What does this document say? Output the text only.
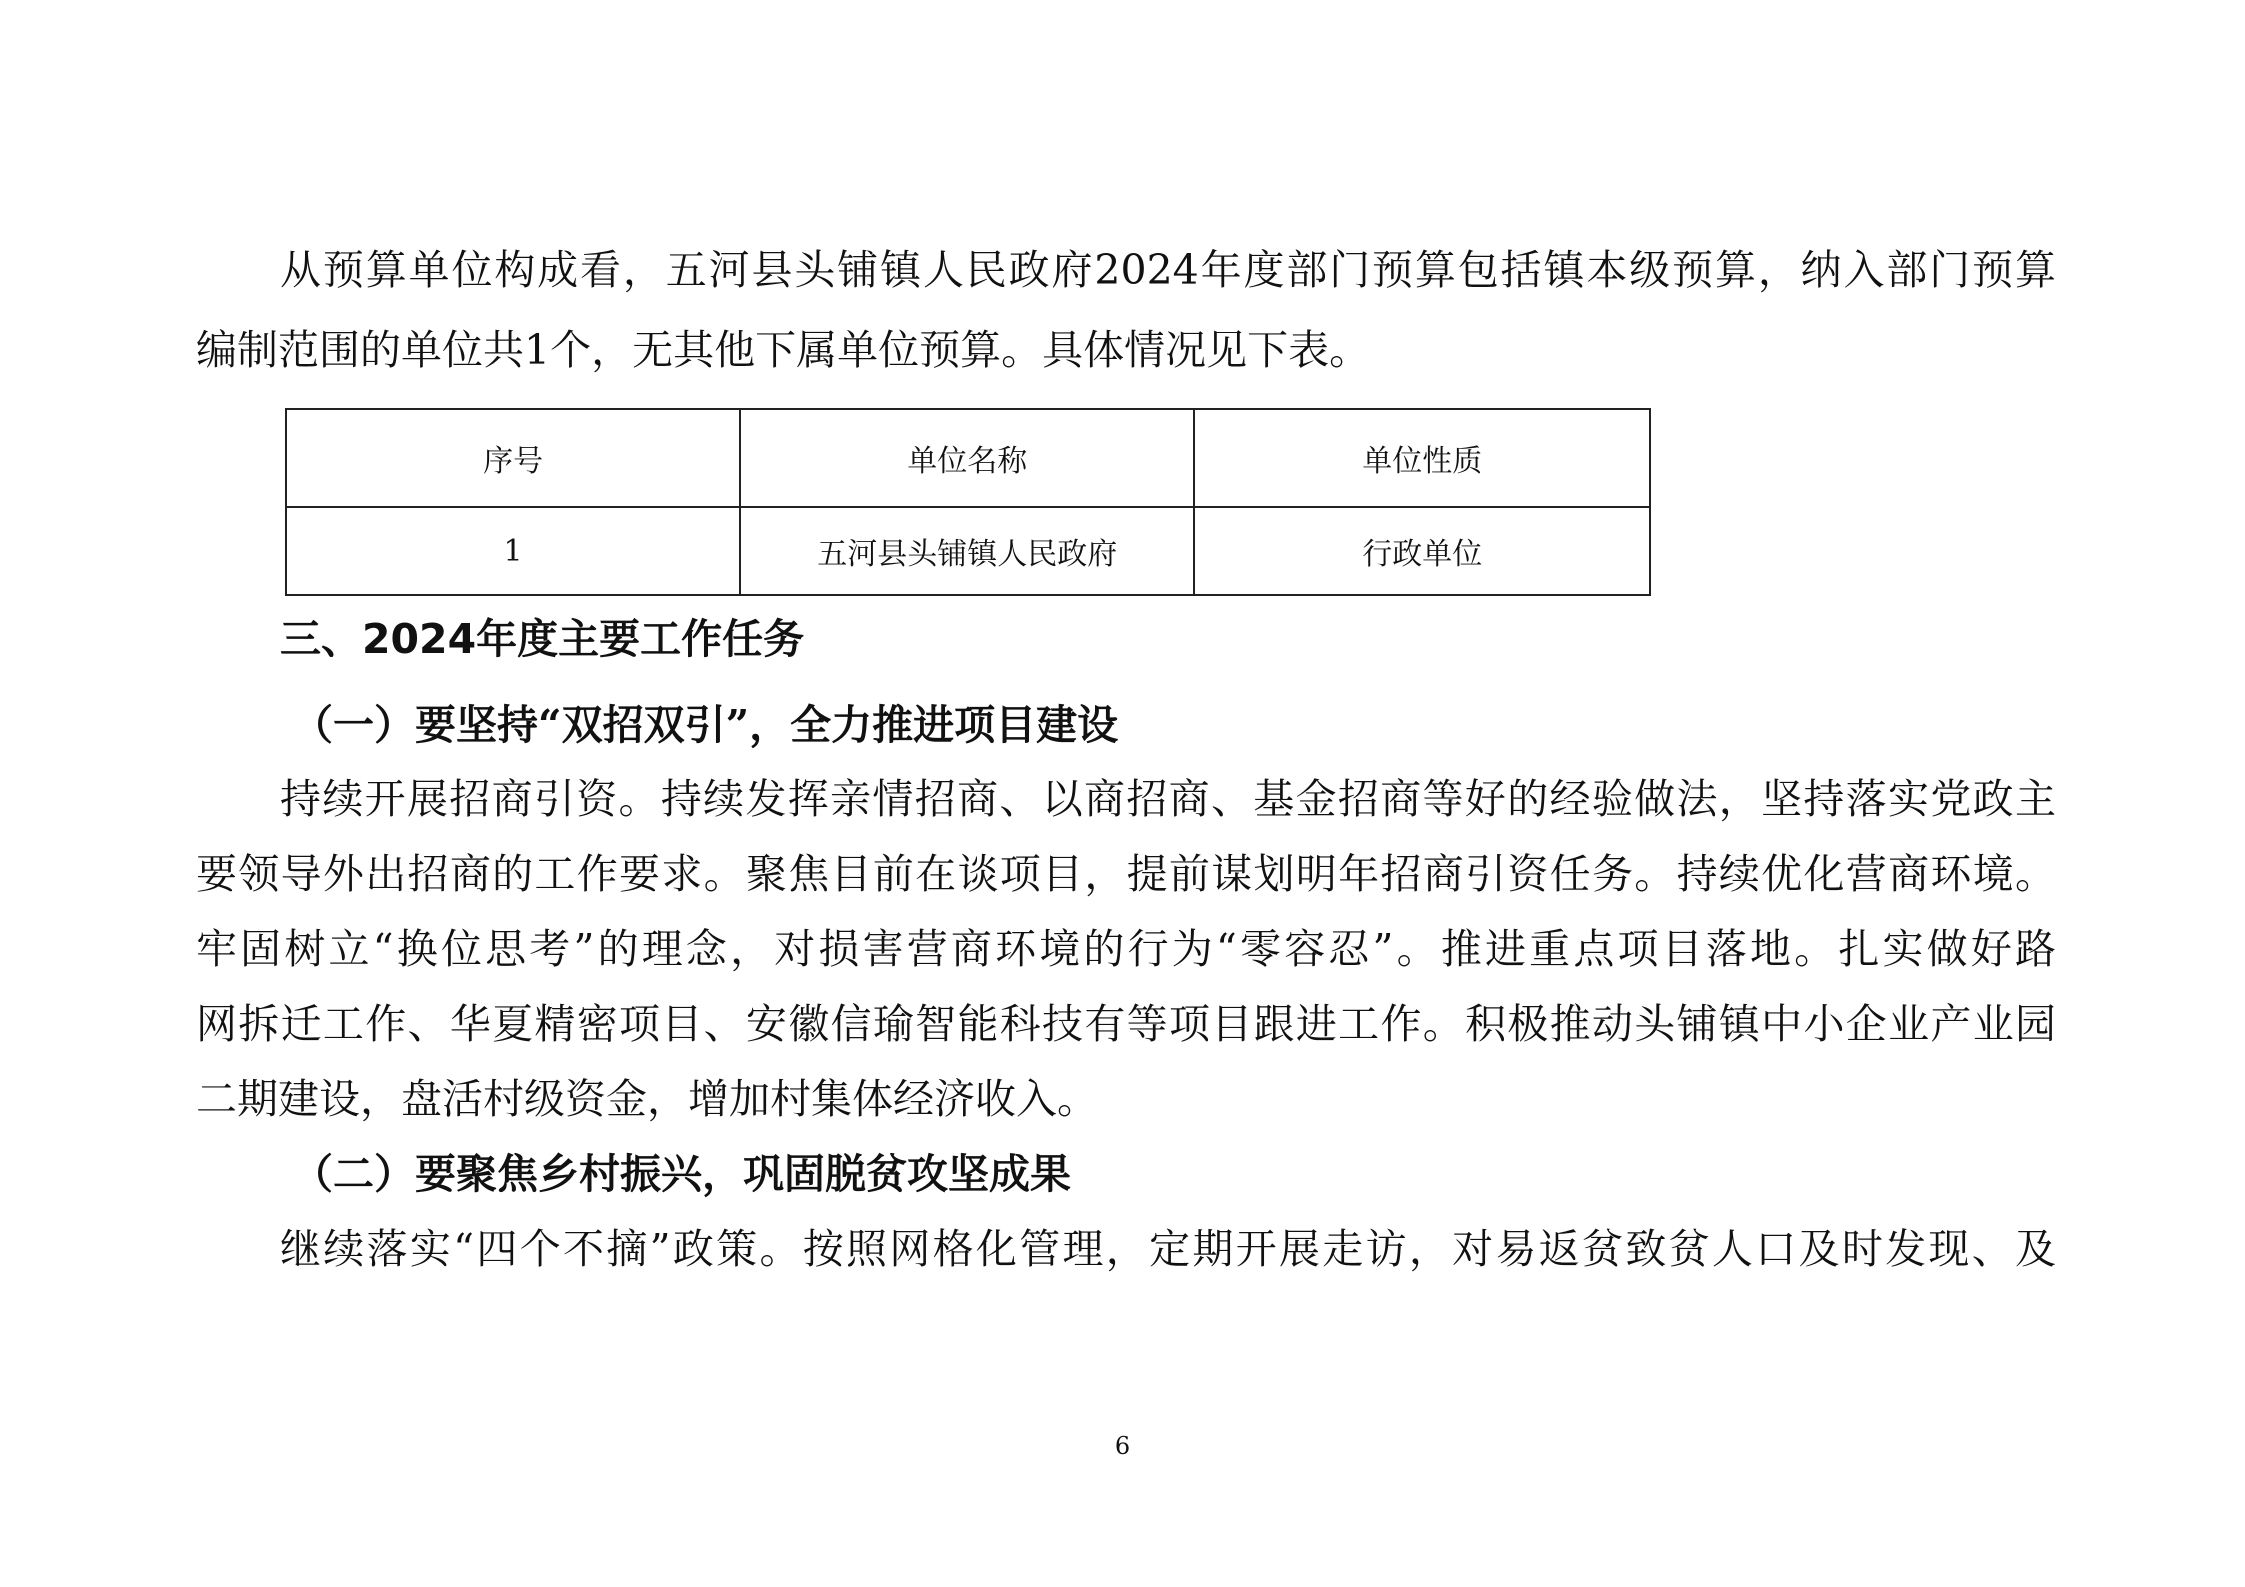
从预算单位构成看，五河县头铺镇人民政府2024年度部门预算包括镇本级预算，纳入部门预算
编制范围的单位共1个，无其他下属单位预算。具体情况见下表。
序号	单位名称	单位性质
1	五河县头铺镇人民政府	行政单位
三、2024年度主要工作任务
（一）要坚持“双招双引”，全力推进项目建设
持续开展招商引资。持续发挥亲情招商、以商招商、基金招商等好的经验做法，坚持落实党政主
要领导外出招商的工作要求。聚焦目前在谈项目，提前谋划明年招商引资任务。持续优化营商环境。
牢固树立“换位思考”的理念，对损害营商环境的行为“零容忍”。推进重点项目落地。扎实做好路
网拆迁工作、华夏精密项目、安徽信瑜智能科技有等项目跟进工作。积极推动头铺镇中小企业产业园
二期建设，盘活村级资金，增加村集体经济收入。
（二）要聚焦乡村振兴，巩固脱贫攻坚成果
继续落实“四个不摘”政策。按照网格化管理，定期开展走访，对易返贫致贫人口及时发现、及
6
